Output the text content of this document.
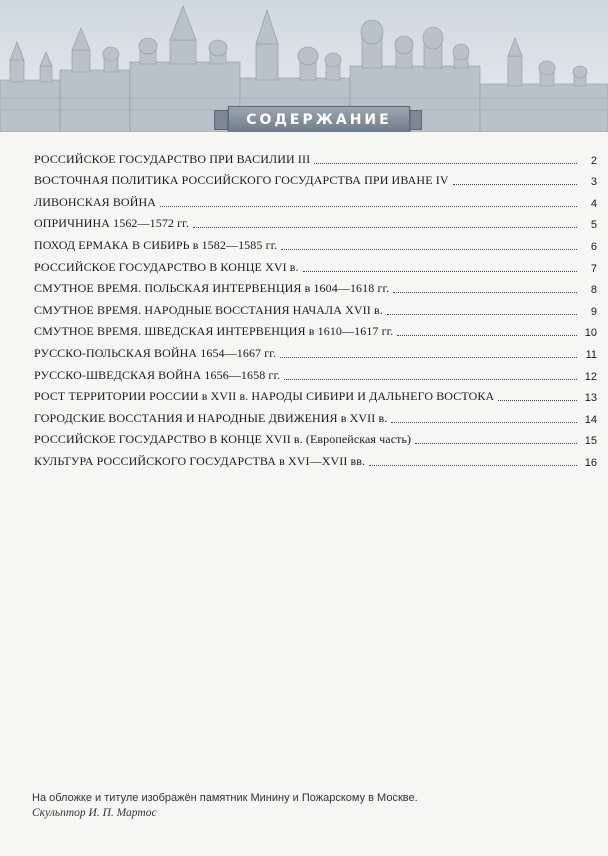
СОДЕРЖАНИЕ
РОССИЙСКОЕ ГОСУДАРСТВО ПРИ ВАСИЛИИ III	2
ВОСТОЧНАЯ ПОЛИТИКА РОССИЙСКОГО ГОСУДАРСТВА ПРИ ИВАНЕ IV	3
ЛИВОНСКАЯ ВОЙНА	4
ОПРИЧНИНА 1562—1572 гг.	5
ПОХОД ЕРМАКА В СИБИРЬ в 1582—1585 гг.	6
РОССИЙСКОЕ ГОСУДАРСТВО В КОНЦЕ XVI в.	7
СМУТНОЕ ВРЕМЯ. ПОЛЬСКАЯ ИНТЕРВЕНЦИЯ в 1604—1618 гг.	8
СМУТНОЕ ВРЕМЯ. НАРОДНЫЕ ВОССТАНИЯ НАЧАЛА XVII в.	9
СМУТНОЕ ВРЕМЯ. ШВЕДСКАЯ ИНТЕРВЕНЦИЯ в 1610—1617 гг.	10
РУССКО-ПОЛЬСКАЯ ВОЙНА 1654—1667 гг.	11
РУССКО-ШВЕДСКАЯ ВОЙНА 1656—1658 гг.	12
РОСТ ТЕРРИТОРИИ РОССИИ в XVII в. НАРОДЫ СИБИРИ И ДАЛЬНЕГО ВОСТОКА	13
ГОРОДСКИЕ ВОССТАНИЯ И НАРОДНЫЕ ДВИЖЕНИЯ в XVII в.	14
РОССИЙСКОЕ ГОСУДАРСТВО В КОНЦЕ XVII в. (Европейская часть)	15
КУЛЬТУРА РОССИЙСКОГО ГОСУДАРСТВА в XVI—XVII вв.	16
На обложке и титуле изображён памятник Минину и Пожарскому в Москве.
Скульптор И. П. Мартос
